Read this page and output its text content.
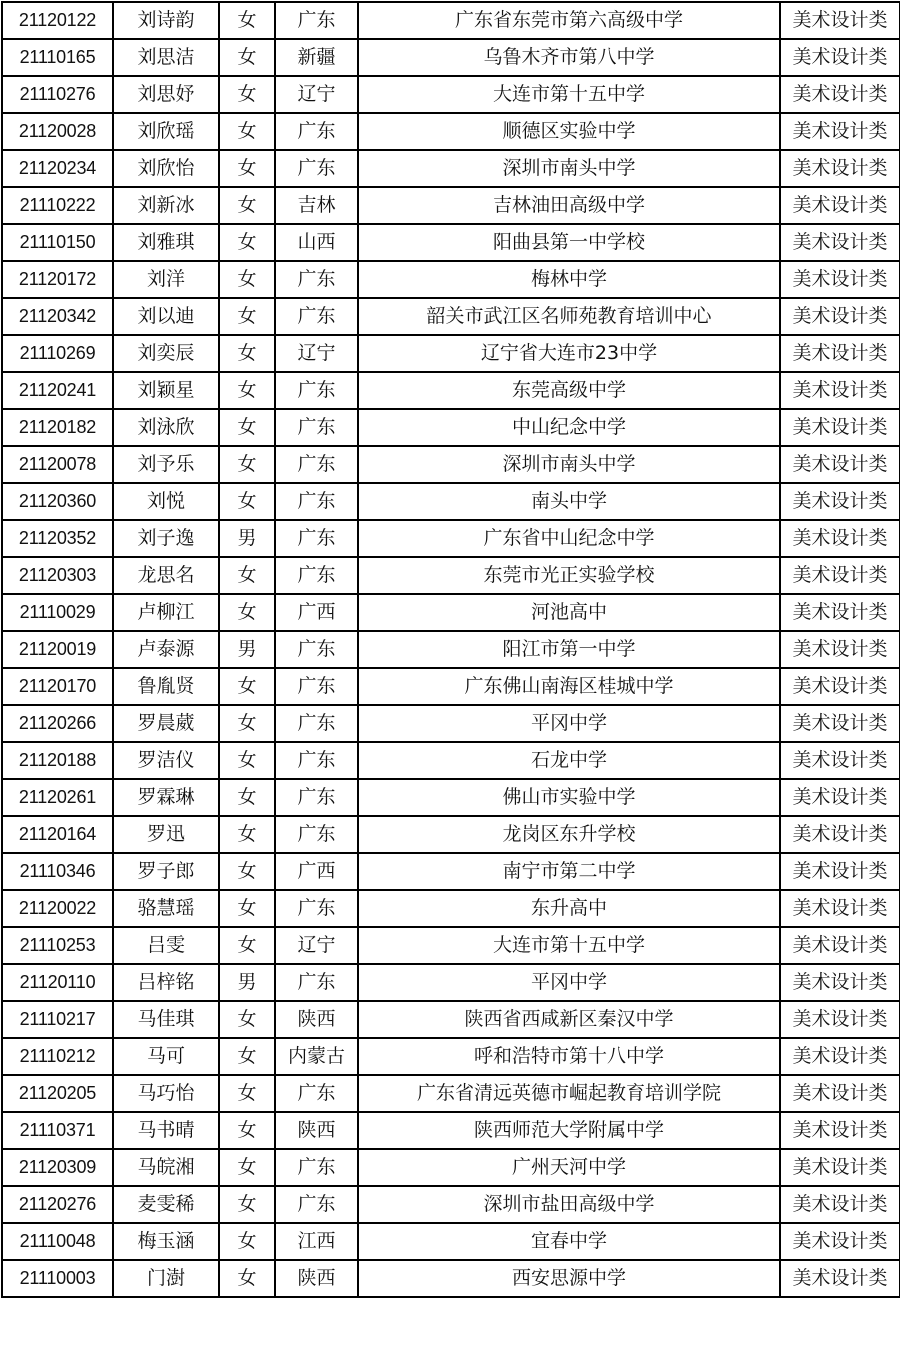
21120122	刘诗韵	女	广东	广东省东莞市第六高级中学	美术设计类
21110165	刘思洁	女	新疆	乌鲁木齐市第八中学	美术设计类
21110276	刘思妤	女	辽宁	大连市第十五中学	美术设计类
21120028	刘欣瑶	女	广东	顺德区实验中学	美术设计类
21120234	刘欣怡	女	广东	深圳市南头中学	美术设计类
21110222	刘新冰	女	吉林	吉林油田高级中学	美术设计类
21110150	刘雅琪	女	山西	阳曲县第一中学校	美术设计类
21120172	刘洋	女	广东	梅林中学	美术设计类
21120342	刘以迪	女	广东	韶关市武江区名师苑教育培训中心	美术设计类
21110269	刘奕辰	女	辽宁	辽宁省大连市23中学	美术设计类
21120241	刘颖星	女	广东	东莞高级中学	美术设计类
21120182	刘泳欣	女	广东	中山纪念中学	美术设计类
21120078	刘予乐	女	广东	深圳市南头中学	美术设计类
21120360	刘悦	女	广东	南头中学	美术设计类
21120352	刘子逸	男	广东	广东省中山纪念中学	美术设计类
21120303	龙思名	女	广东	东莞市光正实验学校	美术设计类
21110029	卢柳江	女	广西	河池高中	美术设计类
21120019	卢泰源	男	广东	阳江市第一中学	美术设计类
21120170	鲁胤贤	女	广东	广东佛山南海区桂城中学	美术设计类
21120266	罗晨葳	女	广东	平冈中学	美术设计类
21120188	罗洁仪	女	广东	石龙中学	美术设计类
21120261	罗霖琳	女	广东	佛山市实验中学	美术设计类
21120164	罗迅	女	广东	龙岗区东升学校	美术设计类
21110346	罗子郎	女	广西	南宁市第二中学	美术设计类
21120022	骆慧瑶	女	广东	东升高中	美术设计类
21110253	吕雯	女	辽宁	大连市第十五中学	美术设计类
21120110	吕梓铭	男	广东	平冈中学	美术设计类
21110217	马佳琪	女	陕西	陕西省西咸新区秦汉中学	美术设计类
21110212	马可	女	内蒙古	呼和浩特市第十八中学	美术设计类
21120205	马巧怡	女	广东	广东省清远英德市崛起教育培训学院	美术设计类
21110371	马书晴	女	陕西	陕西师范大学附属中学	美术设计类
21120309	马皖湘	女	广东	广州天河中学	美术设计类
21120276	麦雯稀	女	广东	深圳市盐田高级中学	美术设计类
21110048	梅玉涵	女	江西	宜春中学	美术设计类
21110003	门澍	女	陕西	西安思源中学	美术设计类
